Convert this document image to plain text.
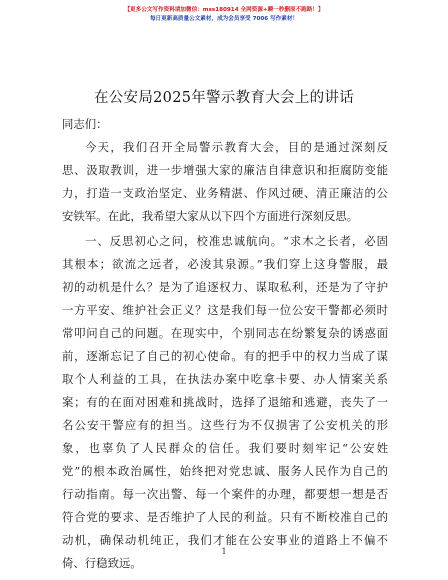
【更多公文写作资料请加微信：mss180914 全网资源+瞬一秒删原不跑路！】
每日更新高质量公文素材，成为会员享受 7006 写作素材！
在公安局2025年警示教育大会上的讲话
同志们：
今天，我们召开全局警示教育大会，目的是通过深刻反
思、汲取教训，进一步增强大家的廉洁自律意识和拒腐防变能
力，打造一支政治坚定、业务精湛、作风过硬、清正廉洁的公
安铁军。在此，我希望大家从以下四个方面进行深刻反思。
一、反思初心之问，校准忠诚航向。“求木之长者，必固
其根本；欲流之远者，必浚其泉源。”我们穿上这身警服，最
初的动机是什么？是为了追逐权力、谋取私利，还是为了守护
一方平安、维护社会正义？这是我们每一位公安干警都必须时
常叩问自己的问题。在现实中，个别同志在纷繁复杂的诱惑面
前，逐渐忘记了自己的初心使命。有的把手中的权力当成了谋
取个人利益的工具，在执法办案中吃拿卡要、办人情案关系
案；有的在面对困难和挑战时，选择了退缩和逃避，丧失了一
名公安干警应有的担当。这些行为不仅损害了公安机关的形
象，也辜负了人民群众的信任。我们要时刻牢记“公安姓
党”的根本政治属性，始终把对党忠诚、服务人民作为自己的
行动指南。每一次出警、每一个案件的办理，都要想一想是否
符合党的要求、是否维护了人民的利益。只有不断校准自己的
动机，确保动机纯正，我们才能在公安事业的道路上不偏不
倚、行稳致远。
1
